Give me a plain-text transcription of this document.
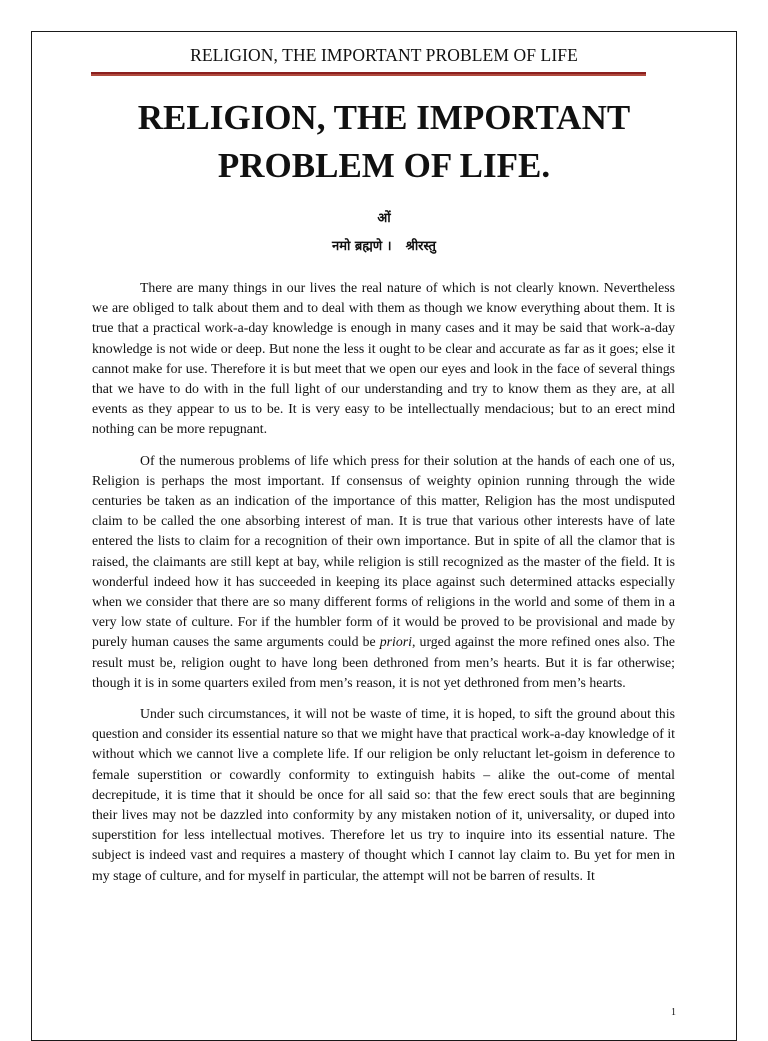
RELIGION, THE IMPORTANT PROBLEM OF LIFE
RELIGION, THE IMPORTANT
PROBLEM OF LIFE.
ओं
नमो ब्रह्मणे । श्रीरस्तु

There are many things in our lives the real nature of which is not clearly known. Nevertheless we are obliged to talk about them and to deal with them as though we know everything about them. It is true that a practical work-a-day knowledge is enough in many cases and it may be said that work-a-day knowledge is not wide or deep. But none the less it ought to be clear and accurate as far as it goes; else it cannot make for use. Therefore it is but meet that we open our eyes and look in the face of several things that we have to do with in the full light of our understanding and try to know them as they are, at all events as they appear to us to be. It is very easy to be intellectually mendacious; but to an erect mind nothing can be more repugnant.

Of the numerous problems of life which press for their solution at the hands of each one of us, Religion is perhaps the most important. If consensus of weighty opinion running through the wide centuries be taken as an indication of the importance of this matter, Religion has the most undisputed claim to be called the one absorbing interest of man. It is true that various other interests have of late entered the lists to claim for a recognition of their own importance. But in spite of all the clamor that is raised, the claimants are still kept at bay, while religion is still recognized as the master of the field. It is wonderful indeed how it has succeeded in keeping its place against such determined attacks especially when we consider that there are so many different forms of religions in the world and some of them in a very low state of culture. For if the humbler form of it would be proved to be provisional and made by purely human causes the same arguments could be priori, urged against the more refined ones also. The result must be, religion ought to have long been dethroned from men’s hearts. But it is far otherwise; though it is in some quarters exiled from men’s reason, it is not yet dethroned from men’s hearts.

Under such circumstances, it will not be waste of time, it is hoped, to sift the ground about this question and consider its essential nature so that we might have that practical work-a-day knowledge of it without which we cannot live a complete life. If our religion be only reluctant let-goism in deference to female superstition or cowardly conformity to extinguish habits – alike the out-come of mental decrepitude, it is time that it should be once for all said so: that the few erect souls that are beginning their lives may not be dazzled into conformity by any mistaken notion of it, universality, or duped into superstition for less intellectual motives. Therefore let us try to inquire into its essential nature. The subject is indeed vast and requires a mastery of thought which I cannot lay claim to. Bu yet for men in my stage of culture, and for myself in particular, the attempt will not be barren of results. It

1
